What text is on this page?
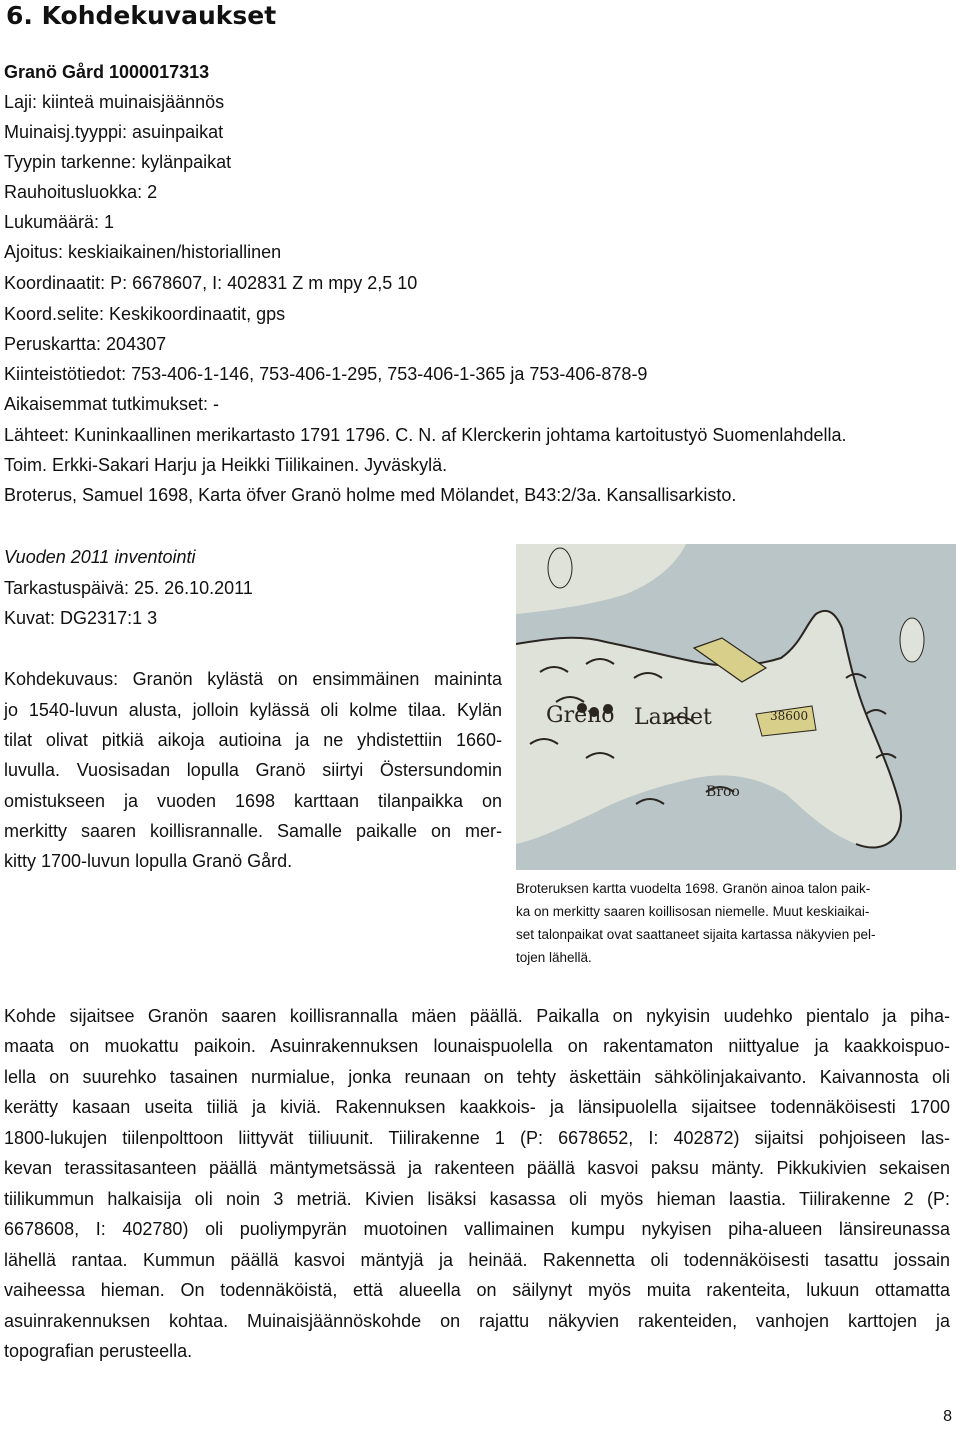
6. Kohdekuvaukset
Granö Gård 1000017313
Laji: kiinteä muinaisjäännös
Muinaisj.tyyppi: asuinpaikat
Tyypin tarkenne: kylänpaikat
Rauhoitusluokka: 2
Lukumäärä: 1
Ajoitus: keskiaikainen/historiallinen
Koordinaatit: P: 6678607, I: 402831 Z m mpy 2,5 10
Koord.selite: Keskikoordinaatit, gps
Peruskartta: 204307
Kiinteistötiedot: 753-406-1-146, 753-406-1-295, 753-406-1-365 ja 753-406-878-9
Aikaisemmat tutkimukset: -
Lähteet: Kuninkaallinen merikartasto 1791 1796. C. N. af Klerckerin johtama kartoitustyö Suomenlahdella.
Toim. Erkki-Sakari Harju ja Heikki Tiilikainen. Jyväskylä.
Broterus, Samuel 1698, Karta öfver Granö holme med Mölandet, B43:2/3a. Kansallisarkisto.
Vuoden 2011 inventointi
Tarkastuspäivä: 25. 26.10.2011
Kuvat: DG2317:1 3
Kohdekuvaus: Granön kylästä on ensimmäinen maininta
jo 1540-luvun alusta, jolloin kylässä oli kolme tilaa. Kylän
tilat olivat pitkiä aikoja autioina ja ne yhdistettiin 1660-
luvulla. Vuosisadan lopulla Granö siirtyi Östersundomin
omistukseen ja vuoden 1698 karttaan tilanpaikka on
merkitty saaren koillisrannalle. Samalle paikalle on mer-
kitty 1700-luvun lopulla Granö Gård.
Grenö Landet	38600
Broo
Broteruksen kartta vuodelta 1698. Granön ainoa talon paik-
ka on merkitty saaren koillisosan niemelle. Muut keskiaikai-
set talonpaikat ovat saattaneet sijaita kartassa näkyvien pel-
tojen lähellä.
Kohde sijaitsee Granön saaren koillisrannalla mäen päällä. Paikalla on nykyisin uudehko pientalo ja piha-
maata on muokattu paikoin. Asuinrakennuksen lounaispuolella on rakentamaton niittyalue ja kaakkoispuo-
lella on suurehko tasainen nurmialue, jonka reunaan on tehty äskettäin sähkölinjakaivanto. Kaivannosta oli
kerätty kasaan useita tiiliä ja kiviä. Rakennuksen kaakkois- ja länsipuolella sijaitsee todennäköisesti 1700
1800-lukujen tiilenpolttoon liittyvät tiiliuunit. Tiilirakenne 1 (P: 6678652, I: 402872) sijaitsi pohjoiseen las-
kevan terassitasanteen päällä mäntymetsässä ja rakenteen päällä kasvoi paksu mänty. Pikkukivien sekaisen
tiilikummun halkaisija oli noin 3 metriä. Kivien lisäksi kasassa oli myös hieman laastia. Tiilirakenne 2 (P:
6678608, I: 402780) oli puoliympyrän muotoinen vallimainen kumpu nykyisen piha-alueen länsireunassa
lähellä rantaa. Kummun päällä kasvoi mäntyjä ja heinää. Rakennetta oli todennäköisesti tasattu jossain
vaiheessa hieman. On todennäköistä, että alueella on säilynyt myös muita rakenteita, lukuun ottamatta
asuinrakennuksen kohtaa. Muinaisjäännöskohde on rajattu näkyvien rakenteiden, vanhojen karttojen ja
topografian perusteella.
8
